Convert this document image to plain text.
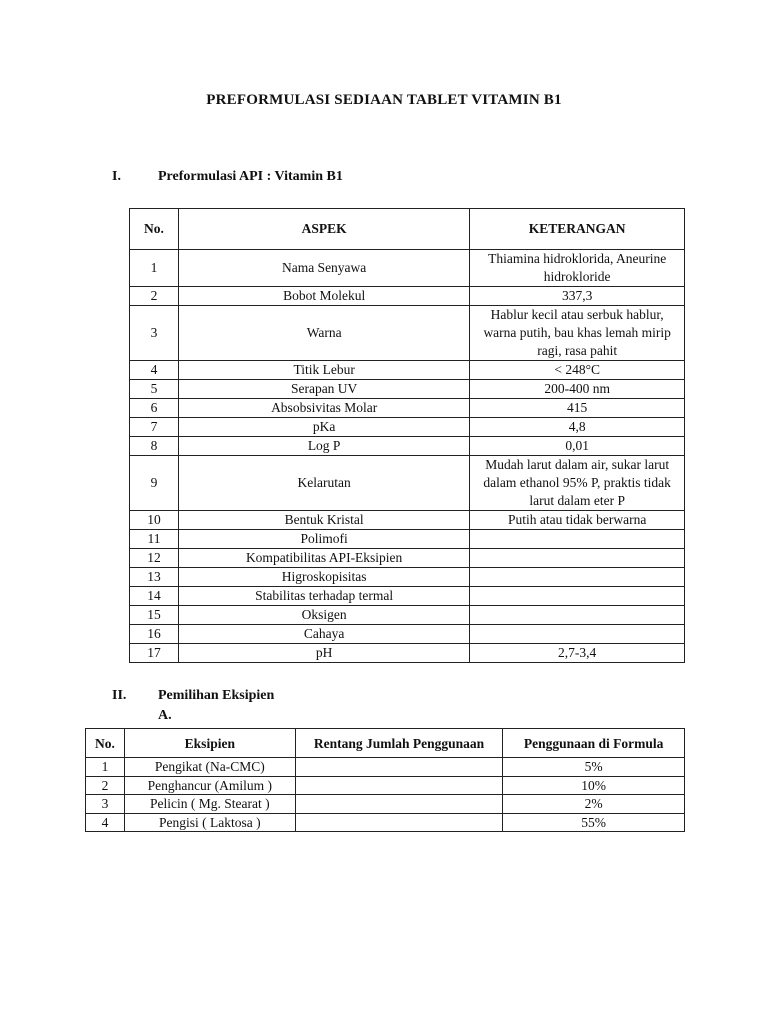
PREFORMULASI SEDIAAN TABLET VITAMIN B1
I.	Preformulasi API : Vitamin B1
No.	ASPEK	KETERANGAN
1	Nama Senyawa	Thiamina hidroklorida, Aneurine hidrokloride
2	Bobot Molekul	337,3
3	Warna	Hablur kecil atau serbuk hablur, warna putih, bau khas lemah mirip ragi, rasa pahit
4	Titik Lebur	< 248°C
5	Serapan UV	200-400 nm
6	Absobsivitas Molar	415
7	pKa	4,8
8	Log P	0,01
9	Kelarutan	Mudah larut dalam air, sukar larut dalam ethanol 95% P, praktis tidak larut dalam eter P
10	Bentuk Kristal	Putih atau tidak berwarna
11	Polimofi	
12	Kompatibilitas API-Eksipien	
13	Higroskopisitas	
14	Stabilitas terhadap termal	
15	Oksigen	
16	Cahaya	
17	pH	2,7-3,4
II. Pemilihan Eksipien
A.
No.	Eksipien	Rentang Jumlah Penggunaan	Penggunaan di Formula
1	Pengikat (Na-CMC)		5%
2	Penghancur (Amilum )		10%
3	Pelicin ( Mg. Stearat )		2%
4	Pengisi ( Laktosa )		55%
